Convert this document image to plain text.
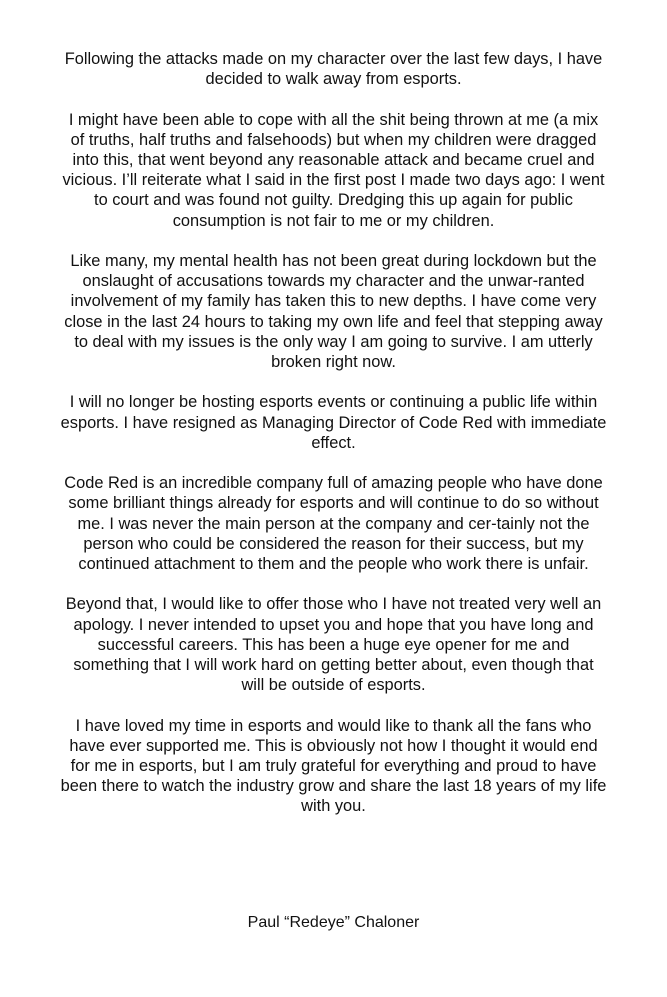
Following the attacks made on my character over the last few days, I have decided to walk away from esports.

I might have been able to cope with all the shit being thrown at me (a mix of truths, half truths and falsehoods) but when my children were dragged into this, that went beyond any reasonable attack and became cruel and vicious. I’ll reiterate what I said in the first post I made two days ago: I went to court and was found not guilty. Dredging this up again for public consumption is not fair to me or my children.

Like many, my mental health has not been great during lockdown but the onslaught of accusations towards my character and the unwar-ranted involvement of my family has taken this to new depths. I have come very close in the last 24 hours to taking my own life and feel that stepping away to deal with my issues is the only way I am going to survive. I am utterly broken right now.

I will no longer be hosting esports events or continuing a public life within esports. I have resigned as Managing Director of Code Red with immediate effect.

Code Red is an incredible company full of amazing people who have done some brilliant things already for esports and will continue to do so without me. I was never the main person at the company and cer-tainly not the person who could be considered the reason for their success, but my continued attachment to them and the people who work there is unfair.

Beyond that, I would like to offer those who I have not treated very well an apology. I never intended to upset you and hope that you have long and successful careers. This has been a huge eye opener for me and something that I will work hard on getting better about, even though that will be outside of esports.

I have loved my time in esports and would like to thank all the fans who have ever supported me. This is obviously not how I thought it would end for me in esports, but I am truly grateful for everything and proud to have been there to watch the industry grow and share the last 18 years of my life with you.

Paul “Redeye” Chaloner
